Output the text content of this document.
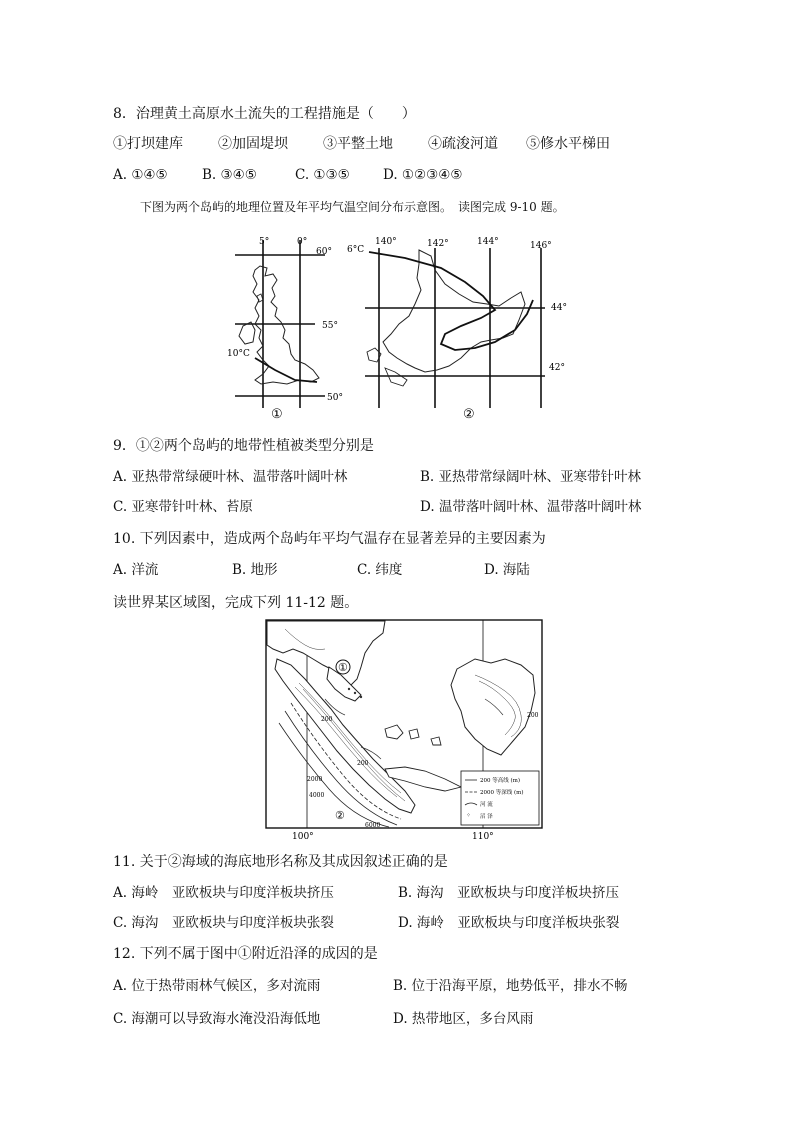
8．治理黄土高原水土流失的工程措施是（　　）
①打坝建库	②加固堤坝	③平整土地	④疏浚河道 ⑤修水平梯田
A. ①④⑤	B. ③④⑤	C. ①③⑤ D. ①②③④⑤
下图为两个岛屿的地理位置及年平均气温空间分布示意图。　读图完成 9-10 题。
5°	0°
60°
55°
50°
10°C
①
6°C
140°	142°	144°	146°
44°
42°
②
9．①②两个岛屿的地带性植被类型分别是
A. 亚热带常绿硬叶林、温带落叶阔叶林	B. 亚热带常绿阔叶林、亚寒带针叶林
C. 亚寒带针叶林、苔原	D. 温带落叶阔叶林、温带落叶阔叶林
10. 下列因素中，造成两个岛屿年平均气温存在显著差异的主要因素为
A. 洋流	B. 地形	C. 纬度	D. 海陆
读世界某区域图，完成下列 11-12 题。
①
②
200
200
2000
4000
6000
200
200 等高线 (m)
2000 等深线 (m)
河 流
⁘ 沼 泽
100°	110°
11. 关于②海域的海底地形名称及其成因叙述正确的是
A. 海岭　亚欧板块与印度洋板块挤压	B. 海沟　亚欧板块与印度洋板块挤压
C. 海沟　亚欧板块与印度洋板块张裂	D. 海岭　亚欧板块与印度洋板块张裂
12. 下列不属于图中①附近沿泽的成因的是
A. 位于热带雨林气候区，多对流雨	B. 位于沿海平原，地势低平，排水不畅
C. 海潮可以导致海水淹没沿海低地	D. 热带地区，多台风雨
